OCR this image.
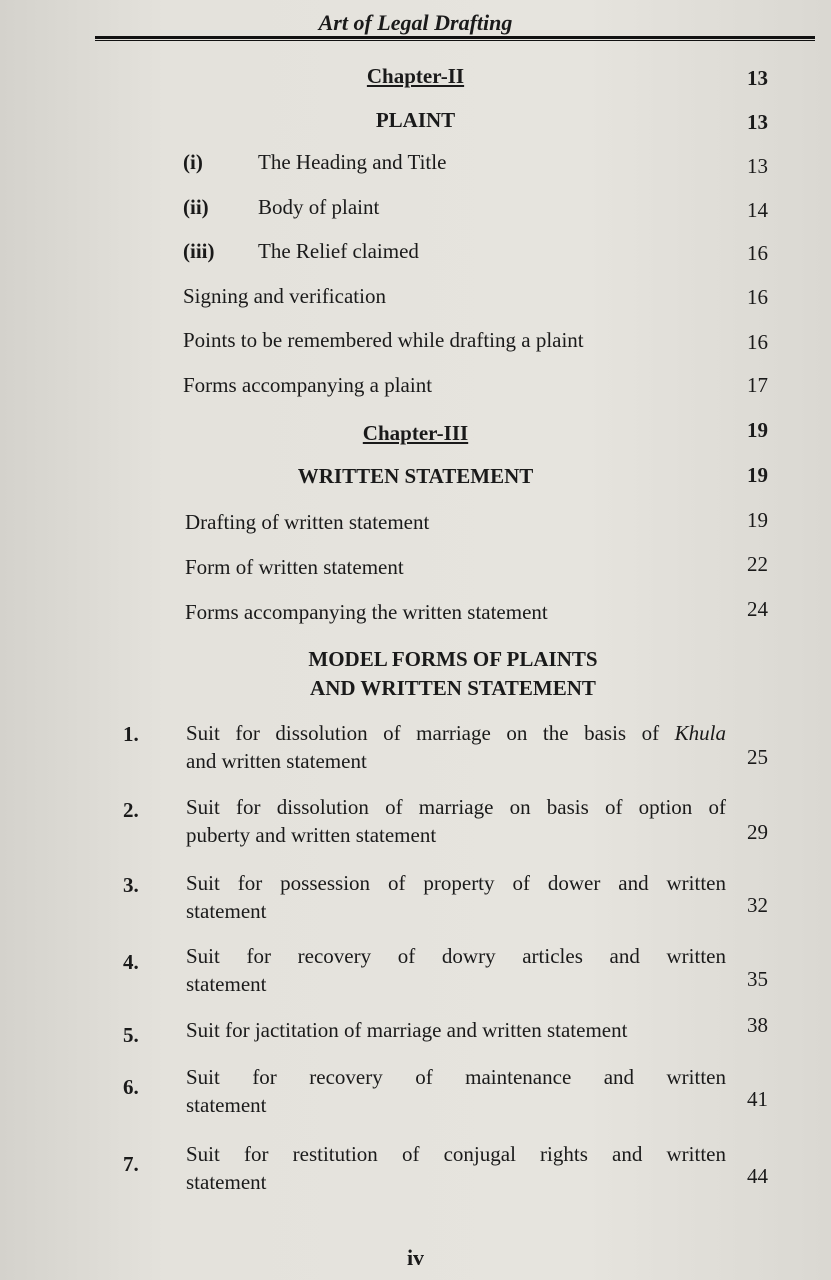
Art of Legal Drafting
Chapter-II	13
PLAINT	13
(i)	The Heading and Title	13
(ii) Body of plaint	14
(iii) The Relief claimed	16
Signing and verification	16
Points to be remembered while drafting a plaint	16
Forms accompanying a plaint	17
Chapter-III	19
WRITTEN STATEMENT	19
Drafting of written statement	19
Form of written statement	22
Forms accompanying the written statement	24
MODEL FORMS OF PLAINTS
AND WRITTEN STATEMENT
1. Suit for dissolution of marriage on the basis of Khula
and written statement	25
2. Suit for dissolution of marriage on basis of option of
puberty and written statement	29
3. Suit for possession of property of dower and written
statement	32
4. Suit for recovery of dowry articles and written
statement	35
5. Suit for jactitation of marriage and written statement	38
6. Suit for recovery of maintenance and written
statement	41
7. Suit for restitution of conjugal rights and written
statement	44
iv
